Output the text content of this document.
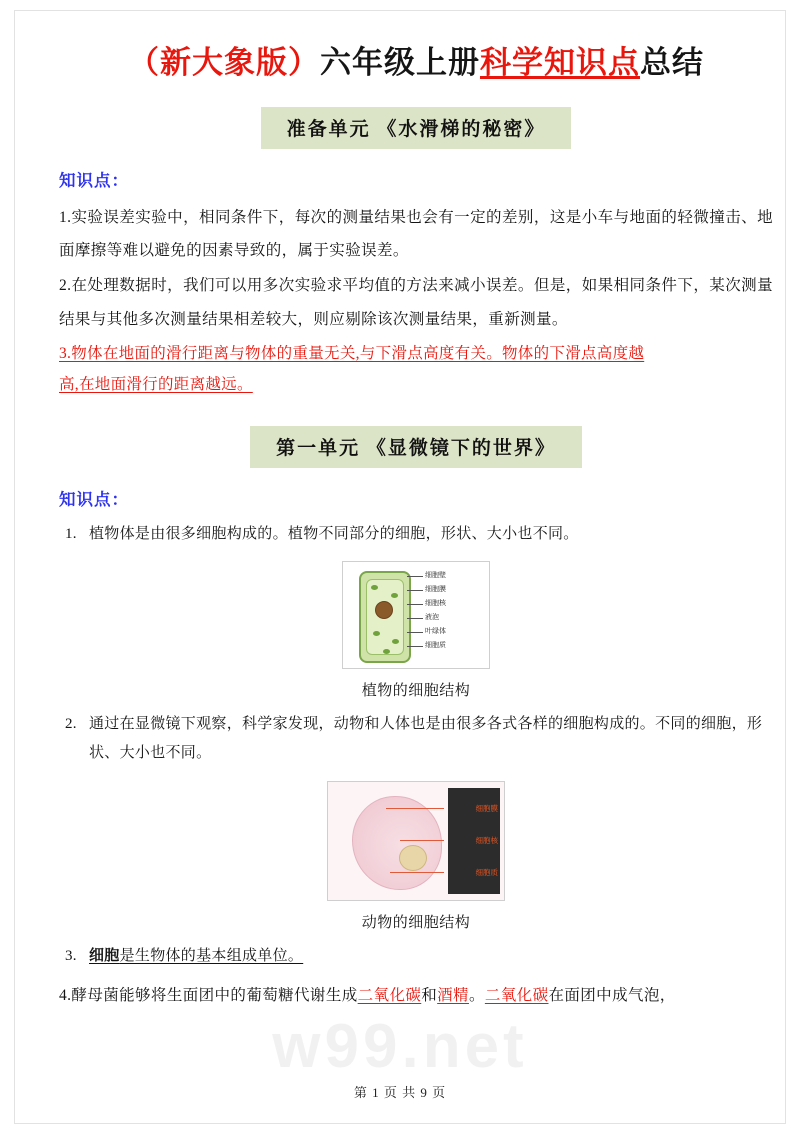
（新大象版）六年级上册科学知识点总结
准备单元 《水滑梯的秘密》
知识点：

1.实验误差实验中，相同条件下，每次的测量结果也会有一定的差别，这是小车与地面的轻微撞击、地面摩擦等难以避免的因素导致的，属于实验误差。

2.在处理数据时，我们可以用多次实验求平均值的方法来减小误差。但是，如果相同条件下，某次测量结果与其他多次测量结果相差较大，则应剔除该次测量结果，重新测量。

3.物体在地面的滑行距离与物体的重量无关,与下滑点高度有关。物体的下滑点高度越

高,在地面滑行的距离越远。

第一单元 《显微镜下的世界》
知识点：
1. 植物体是由很多细胞构成的。植物不同部分的细胞，形状、大小也不同。
细胞壁
细胞膜
细胞核
液泡
叶绿体
细胞质
植物的细胞结构
2. 通过在显微镜下观察，科学家发现，动物和人体也是由很多各式各样的细胞构成的。不同的细胞，形状、大小也不同。
细胞膜
细胞核
细胞质
动物的细胞结构
3. 细胞是生物体的基本组成单位。

4.酵母菌能够将生面团中的葡萄糖代谢生成二氧化碳和酒精。二氧化碳在面团中成气泡，

w99.net
第 1 页 共 9 页
